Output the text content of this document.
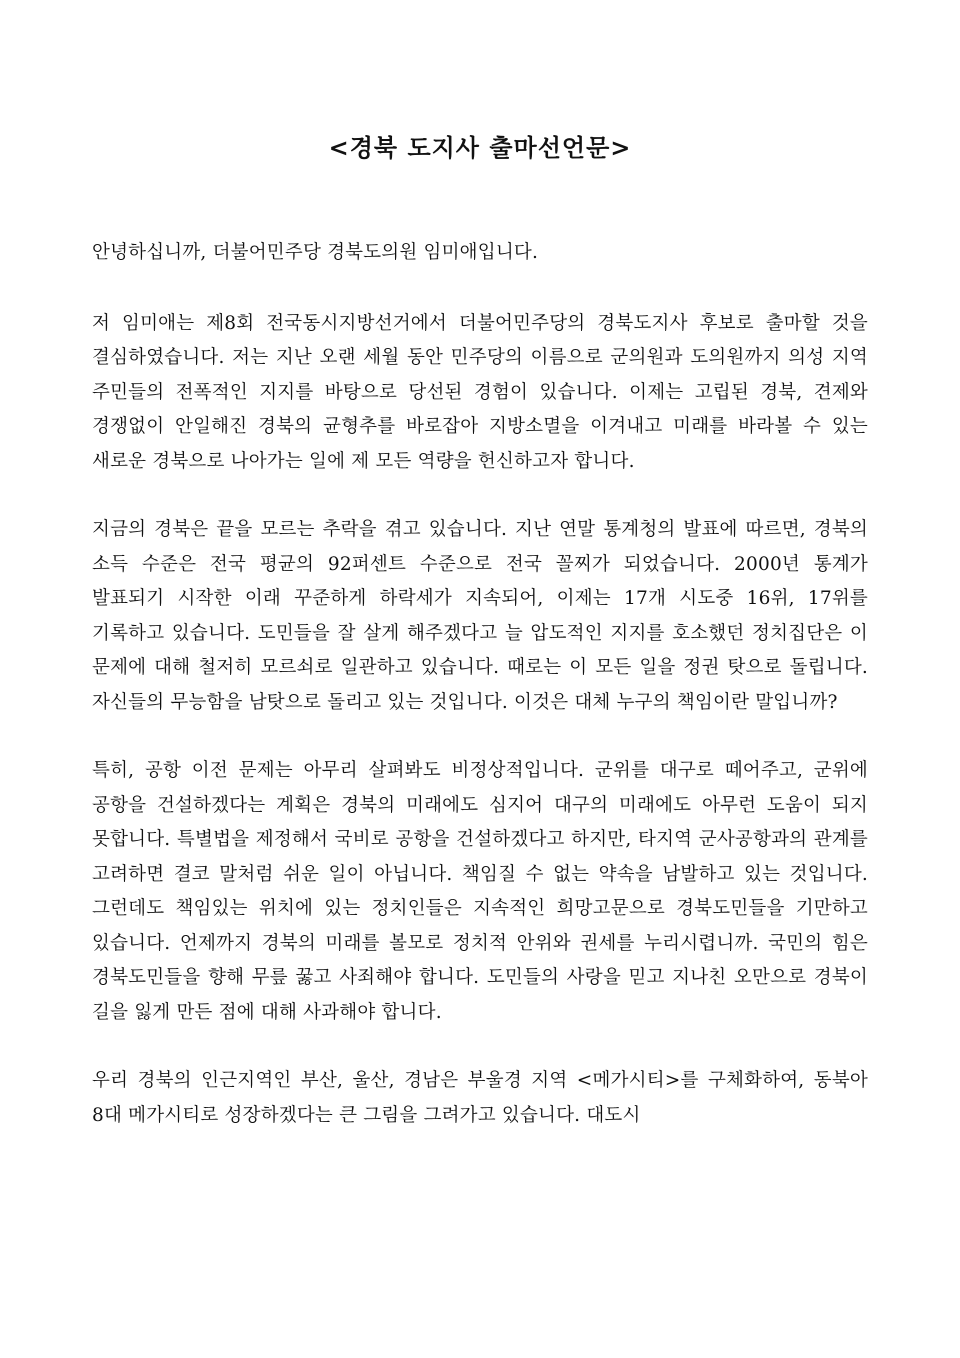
<경북 도지사 출마선언문>

안녕하십니까, 더불어민주당 경북도의원 임미애입니다.

저 임미애는 제8회 전국동시지방선거에서 더불어민주당의 경북도지사 후보로 출마할 것을 결심하였습니다. 저는 지난 오랜 세월 동안 민주당의 이름으로 군의원과 도의원까지 의성 지역 주민들의 전폭적인 지지를 바탕으로 당선된 경험이 있습니다. 이제는 고립된 경북, 견제와 경쟁없이 안일해진 경북의 균형추를 바로잡아 지방소멸을 이겨내고 미래를 바라볼 수 있는 새로운 경북으로 나아가는 일에 제 모든 역량을 헌신하고자 합니다.

지금의 경북은 끝을 모르는 추락을 겪고 있습니다. 지난 연말 통계청의 발표에 따르면, 경북의 소득 수준은 전국 평균의 92퍼센트 수준으로 전국 꼴찌가 되었습니다. 2000년 통계가 발표되기 시작한 이래 꾸준하게 하락세가 지속되어, 이제는 17개 시도중 16위, 17위를 기록하고 있습니다. 도민들을 잘 살게 해주겠다고 늘 압도적인 지지를 호소했던 정치집단은 이 문제에 대해 철저히 모르쇠로 일관하고 있습니다. 때로는 이 모든 일을 정권 탓으로 돌립니다. 자신들의 무능함을 남탓으로 돌리고 있는 것입니다. 이것은 대체 누구의 책임이란 말입니까?

특히, 공항 이전 문제는 아무리 살펴봐도 비정상적입니다. 군위를 대구로 떼어주고, 군위에 공항을 건설하겠다는 계획은 경북의 미래에도 심지어 대구의 미래에도 아무런 도움이 되지 못합니다. 특별법을 제정해서 국비로 공항을 건설하겠다고 하지만, 타지역 군사공항과의 관계를 고려하면 결코 말처럼 쉬운 일이 아닙니다. 책임질 수 없는 약속을 남발하고 있는 것입니다. 그런데도 책임있는 위치에 있는 정치인들은 지속적인 희망고문으로 경북도민들을 기만하고 있습니다. 언제까지 경북의 미래를 볼모로 정치적 안위와 권세를 누리시렵니까. 국민의 힘은 경북도민들을 향해 무릎 꿇고 사죄해야 합니다. 도민들의 사랑을 믿고 지나친 오만으로 경북이 길을 잃게 만든 점에 대해 사과해야 합니다.

우리 경북의 인근지역인 부산, 울산, 경남은 부울경 지역 <메가시티>를 구체화하여, 동북아 8대 메가시티로 성장하겠다는 큰 그림을 그려가고 있습니다. 대도시
